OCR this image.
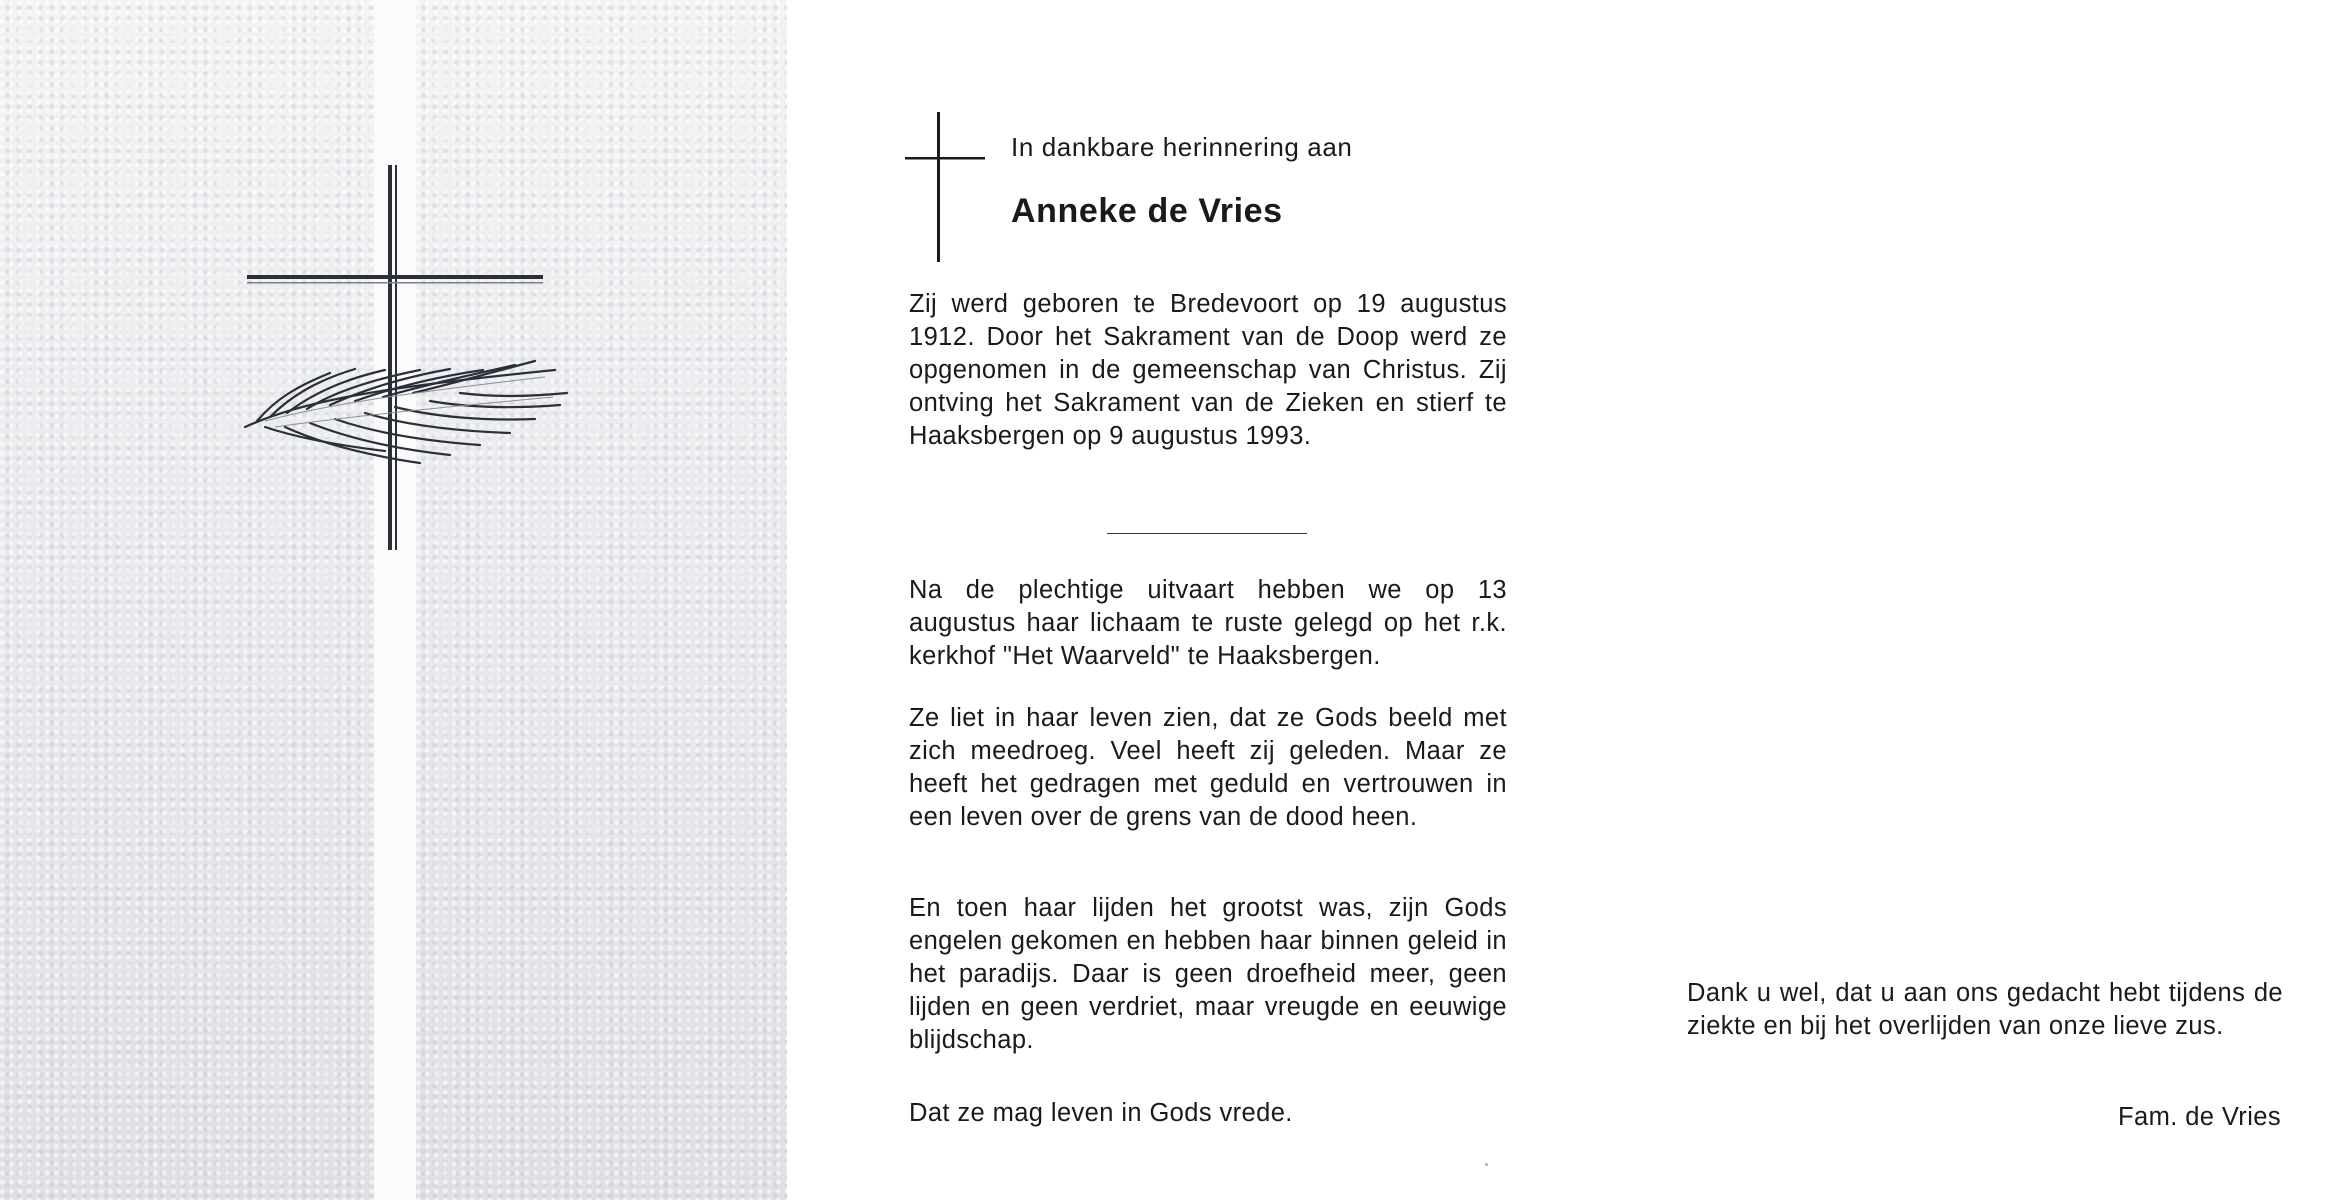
In dankbare herinnering aan
Anneke de Vries

Zij werd geboren te Bredevoort op 19 augustus 1912. Door het Sakrament van de Doop werd ze opgenomen in de gemeenschap van Christus. Zij ontving het Sakrament van de Zieken en stierf te Haaksbergen op 9 augustus 1993.

Na de plechtige uitvaart hebben we op 13 augustus haar lichaam te ruste gelegd op het r.k. kerkhof "Het Waarveld" te Haaksbergen.

Ze liet in haar leven zien, dat ze Gods beeld met zich meedroeg. Veel heeft zij geleden. Maar ze heeft het gedragen met geduld en vertrouwen in een leven over de grens van de dood heen.

En toen haar lijden het grootst was, zijn Gods engelen gekomen en hebben haar binnen geleid in het paradijs. Daar is geen droefheid meer, geen lijden en geen verdriet, maar vreugde en eeuwige blijdschap.

Dat ze mag leven in Gods vrede.

Dank u wel, dat u aan ons gedacht hebt tijdens de ziekte en bij het overlijden van onze lieve zus.

Fam. de Vries
